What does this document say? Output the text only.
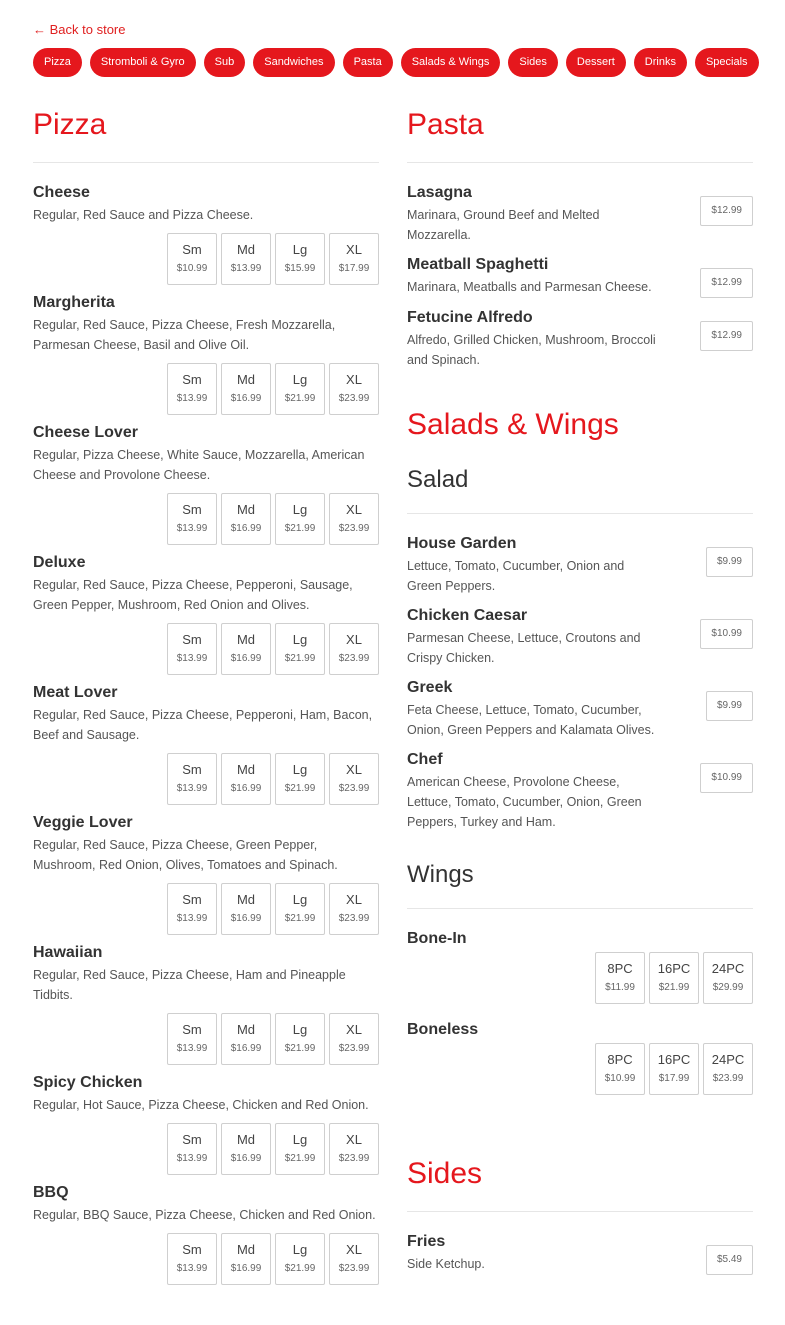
← Back to store
Pizza	Stromboli & Gyro	Sub	Sandwiches	Pasta	Salads & Wings	Sides	Dessert	Drinks	Specials
Pizza
Cheese
Regular, Red Sauce and Pizza Cheese.
Sm
$10.99
Md
$13.99
Lg
$15.99
XL
$17.99
Margherita
Regular, Red Sauce, Pizza Cheese, Fresh Mozzarella, Parmesan Cheese, Basil and Olive Oil.
Sm
$13.99
Md
$16.99
Lg
$21.99
XL
$23.99
Cheese Lover
Regular, Pizza Cheese, White Sauce, Mozzarella, American Cheese and Provolone Cheese.
Sm
$13.99
Md
$16.99
Lg
$21.99
XL
$23.99
Deluxe
Regular, Red Sauce, Pizza Cheese, Pepperoni, Sausage, Green Pepper, Mushroom, Red Onion and Olives.
Sm
$13.99
Md
$16.99
Lg
$21.99
XL
$23.99
Meat Lover
Regular, Red Sauce, Pizza Cheese, Pepperoni, Ham, Bacon, Beef and Sausage.
Sm
$13.99
Md
$16.99
Lg
$21.99
XL
$23.99
Veggie Lover
Regular, Red Sauce, Pizza Cheese, Green Pepper, Mushroom, Red Onion, Olives, Tomatoes and Spinach.
Sm
$13.99
Md
$16.99
Lg
$21.99
XL
$23.99
Hawaiian
Regular, Red Sauce, Pizza Cheese, Ham and Pineapple Tidbits.
Sm
$13.99
Md
$16.99
Lg
$21.99
XL
$23.99
Spicy Chicken
Regular, Hot Sauce, Pizza Cheese, Chicken and Red Onion.
Sm
$13.99
Md
$16.99
Lg
$21.99
XL
$23.99
BBQ
Regular, BBQ Sauce, Pizza Cheese, Chicken and Red Onion.
Sm
$13.99
Md
$16.99
Lg
$21.99
XL
$23.99
Pasta
Lasagna
Marinara, Ground Beef and Melted Mozzarella.
$12.99
Meatball Spaghetti
Marinara, Meatballs and Parmesan Cheese.	$12.99
Fetucine Alfredo
Alfredo, Grilled Chicken, Mushroom, Broccoli and Spinach.
$12.99
Salads & Wings
Salad
House Garden
Lettuce, Tomato, Cucumber, Onion and Green Peppers.
$9.99
Chicken Caesar
Parmesan Cheese, Lettuce, Croutons and Crispy Chicken.
$10.99
Greek
Feta Cheese, Lettuce, Tomato, Cucumber, Onion, Green Peppers and Kalamata Olives.
$9.99
Chef
American Cheese, Provolone Cheese, Lettuce, Tomato, Cucumber, Onion, Green Peppers, Turkey and Ham.
$10.99
Wings
Bone-In
8PC
$11.99
16PC
$21.99
24PC
$29.99
Boneless
8PC
$10.99
16PC
$17.99
24PC
$23.99
Sides
Fries
Side Ketchup.	$5.49
